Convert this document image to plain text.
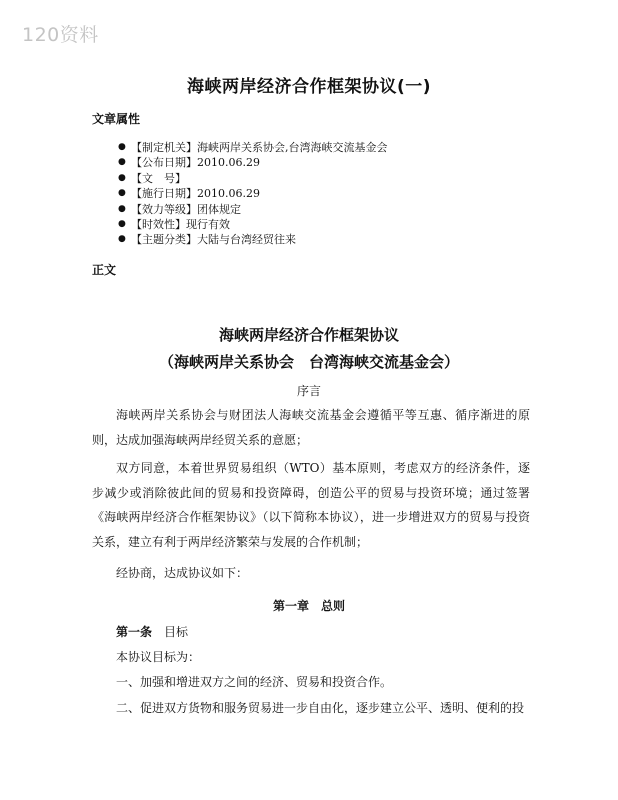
120资料
海峡两岸经济合作框架协议(一)
文章属性
● 【制定机关】海峡两岸关系协会,台湾海峡交流基金会
● 【公布日期】2010.06.29
● 【文　号】
● 【施行日期】2010.06.29
● 【效力等级】团体规定
● 【时效性】现行有效
● 【主题分类】大陆与台湾经贸往来
正文
海峡两岸经济合作框架协议
（海峡两岸关系协会　台湾海峡交流基金会）
序言

海峡两岸关系协会与财团法人海峡交流基金会遵循平等互惠、循序渐进的原则，达成加强海峡两岸经贸关系的意愿；

双方同意，本着世界贸易组织（WTO）基本原则，考虑双方的经济条件，逐步减少或消除彼此间的贸易和投资障碍，创造公平的贸易与投资环境；通过签署《海峡两岸经济合作框架协议》（以下简称本协议），进一步增进双方的贸易与投资关系，建立有利于两岸经济繁荣与发展的合作机制；

经协商，达成协议如下：

第一章　总则
第一条　 目标
本协议目标为：
一、加强和增进双方之间的经济、贸易和投资合作。
二、促进双方货物和服务贸易进一步自由化，逐步建立公平、透明、便利的投
